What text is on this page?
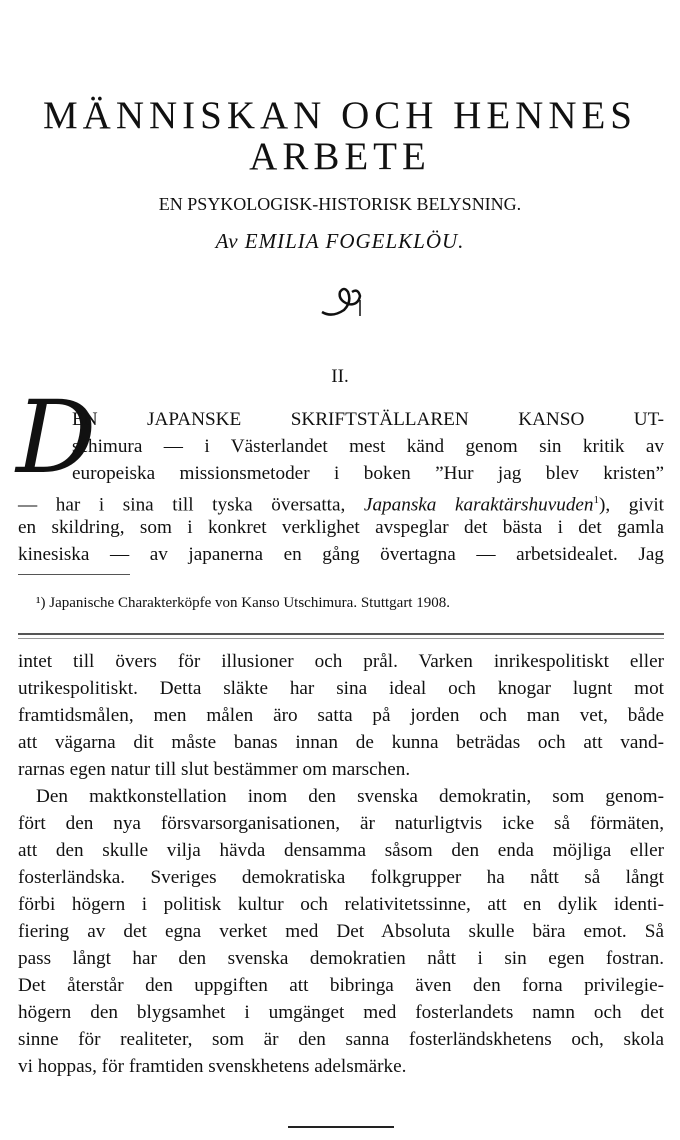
MÄNNISKAN OCH HENNES
ARBETE
EN PSYKOLOGISK-HISTORISK BELYSNING.
Av EMILIA FOGELKLÖU.
II.
D
EN JAPANSKE SKRIFTSTÄLLAREN KANSO UT-
schimura — i Västerlandet mest känd genom sin kritik av
europeiska missionsmetoder i boken ”Hur jag blev kristen”
— har i sina till tyska översatta, Japanska karaktärshuvuden$^1$), givit
en skildring, som i konkret verklighet avspeglar det bästa i det gamla
kinesiska — av japanerna en gång övertagna — arbetsidealet. Jag
¹) Japanische Charakterköpfe von Kanso Utschimura. Stuttgart 1908.
intet till övers för illusioner och prål. Varken inrikespolitiskt eller
utrikespolitiskt. Detta släkte har sina ideal och knogar lugnt mot
framtidsmålen, men målen äro satta på jorden och man vet, både
att vägarna dit måste banas innan de kunna beträdas och att vand-
rarnas egen natur till slut bestämmer om marschen.
Den maktkonstellation inom den svenska demokratin, som genom-
fört den nya försvarsorganisationen, är naturligtvis icke så förmäten,
att den skulle vilja hävda densamma såsom den enda möjliga eller
fosterländska. Sveriges demokratiska folkgrupper ha nått så långt
förbi högern i politisk kultur och relativitetssinne, att en dylik identi-
fiering av det egna verket med Det Absoluta skulle bära emot. Så
pass långt har den svenska demokratien nått i sin egen fostran.
Det återstår den uppgiften att bibringa även den forna privilegie-
högern den blygsamhet i umgänget med fosterlandets namn och det
sinne för realiteter, som är den sanna fosterländskhetens och, skola
vi hoppas, för framtiden svenskhetens adelsmärke.
